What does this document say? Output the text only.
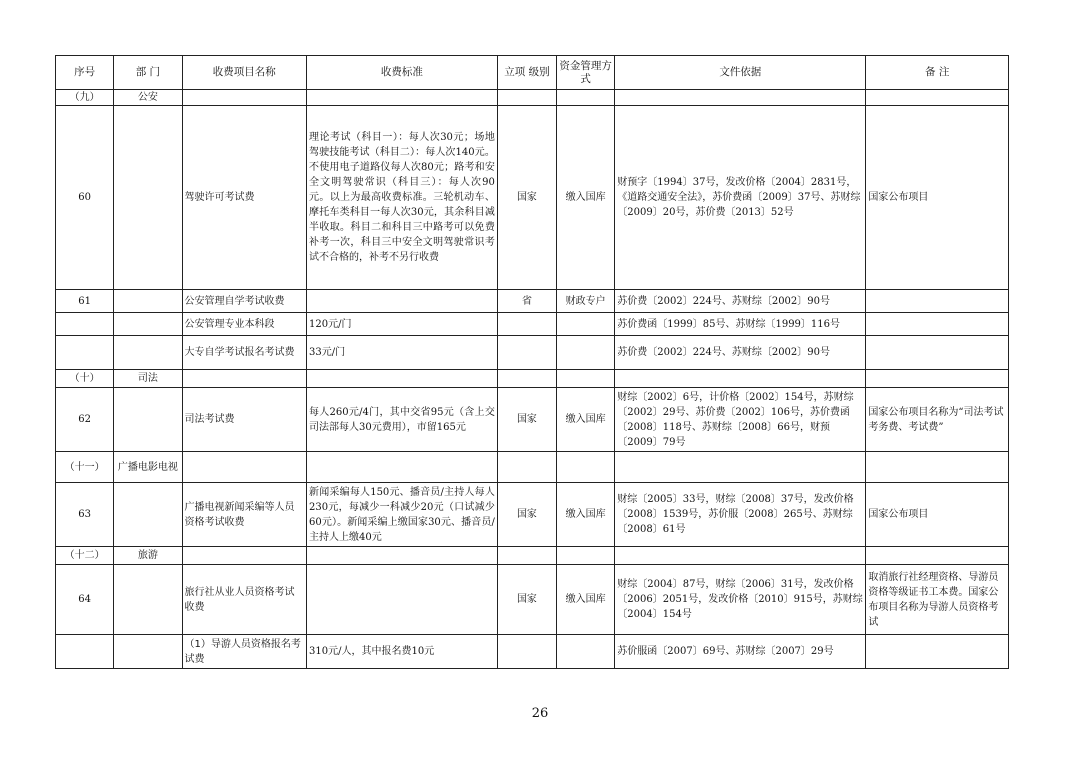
序号	部 门	收费项目名称	收费标准	立项 级别	资金管理方式	文件依据	备 注
（九）	公安						
60		驾驶许可考试费	理论考试（科目一）：每人次30元；场地驾驶技能考试（科目二）：每人次140元。不使用电子道路仪每人次80元；路考和安全文明驾驶常识（科目三）：每人次90元。以上为最高收费标准。三轮机动车、摩托车类科目一每人次30元，其余科目减半收取。科目二和科目三中路考可以免费补考一次，科目三中安全文明驾驶常识考试不合格的，补考不另行收费	国家	缴入国库	财预字〔1994〕37号，发改价格〔2004〕2831号，《道路交通安全法》，苏价费函〔2009〕37号、苏财综〔2009〕20号，苏价费〔2013〕52号	国家公布项目
61		公安管理自学考试收费		省	财政专户	苏价费〔2002〕224号、苏财综〔2002〕90号	
		公安管理专业本科段	120元/门			苏价费函〔1999〕85号、苏财综〔1999〕116号	
		大专自学考试报名考试费	33元/门			苏价费〔2002〕224号、苏财综〔2002〕90号	
（十）	司法						
62		司法考试费	每人260元/4门，其中交省95元（含上交司法部每人30元费用），市留165元	国家	缴入国库	财综〔2002〕6号，计价格〔2002〕154号，苏财综〔2002〕29号、苏价费〔2002〕106号，苏价费函〔2008〕118号、苏财综〔2008〕66号，财预〔2009〕79号	国家公布项目名称为“司法考试考务费、考试费”
（十一）	广播电影电视						
63		广播电视新闻采编等人员资格考试收费	新闻采编每人150元、播音员/主持人每人230元，每减少一科减少20元（口试减少60元）。新闻采编上缴国家30元、播音员/主持人上缴40元	国家	缴入国库	财综〔2005〕33号，财综〔2008〕37号，发改价格〔2008〕1539号，苏价服〔2008〕265号、苏财综〔2008〕61号	国家公布项目
（十二）	旅游						
64		旅行社从业人员资格考试收费		国家	缴入国库	财综〔2004〕87号，财综〔2006〕31号，发改价格〔2006〕2051号，发改价格〔2010〕915号，苏财综〔2004〕154号	取消旅行社经理资格、导游员资格等级证书工本费。国家公布项目名称为导游人员资格考试
		（1）导游人员资格报名考试费	310元/人，其中报名费10元			苏价服函〔2007〕69号、苏财综〔2007〕29号	
26
